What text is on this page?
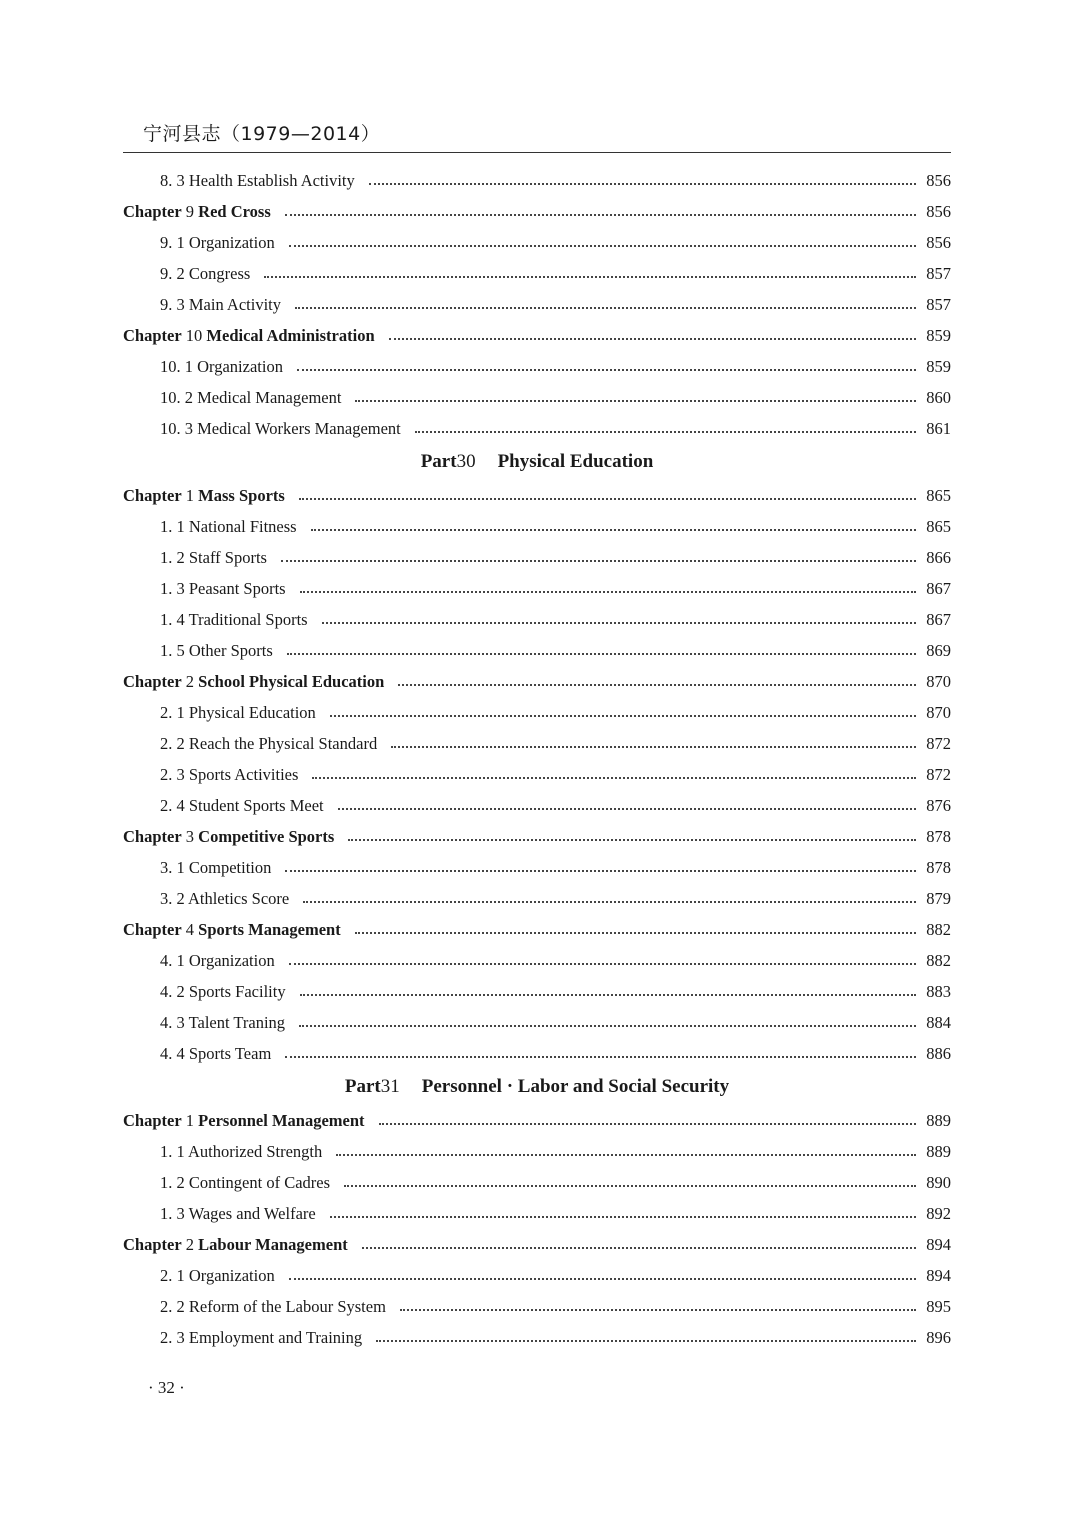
宁河县志（1979—2014）
8. 3 Health Establish Activity	856
Chapter 9 Red Cross	856
9. 1 Organization	856
9. 2 Congress	857
9. 3 Main Activity	857
Chapter 10 Medical Administration	859
10. 1 Organization	859
10. 2 Medical Management	860
10. 3 Medical Workers Management	861
Part 30 Physical Education
Chapter 1 Mass Sports	865
1. 1 National Fitness	865
1. 2 Staff Sports	866
1. 3 Peasant Sports	867
1. 4 Traditional Sports	867
1. 5 Other Sports	869
Chapter 2 School Physical Education	870
2. 1 Physical Education	870
2. 2 Reach the Physical Standard	872
2. 3 Sports Activities	872
2. 4 Student Sports Meet	876
Chapter 3 Competitive Sports	878
3. 1 Competition	878
3. 2 Athletics Score	879
Chapter 4 Sports Management	882
4. 1 Organization	882
4. 2 Sports Facility	883
4. 3 Talent Traning	884
4. 4 Sports Team	886
Part 31 Personnel · Labor and Social Security
Chapter 1 Personnel Management	889
1. 1 Authorized Strength	889
1. 2 Contingent of Cadres	890
1. 3 Wages and Welfare	892
Chapter 2 Labour Management	894
2. 1 Organization	894
2. 2 Reform of the Labour System	895
2. 3 Employment and Training	896
· 32 ·
